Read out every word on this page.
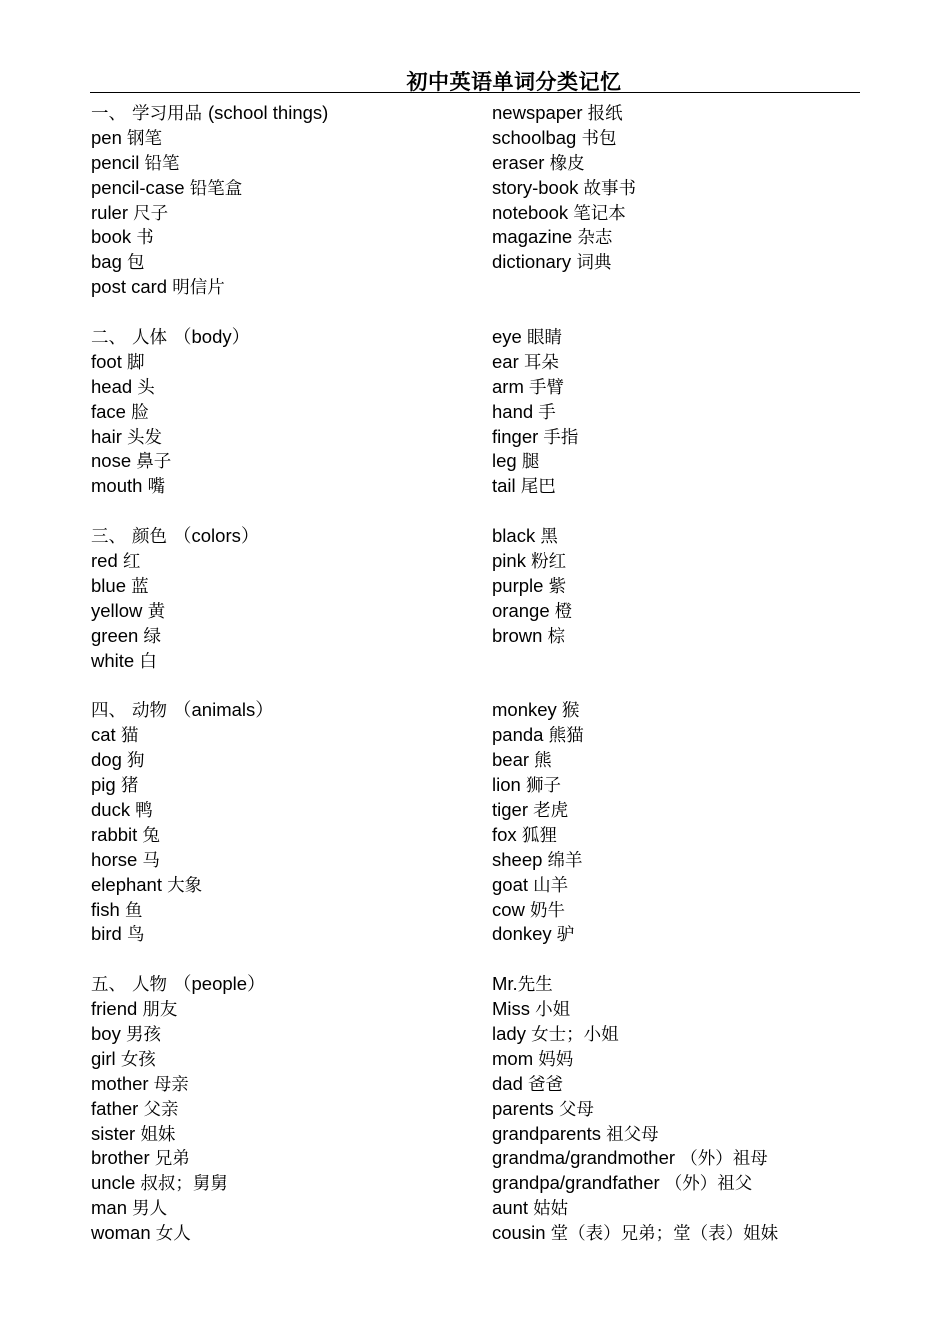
初中英语单词分类记忆
一、 学习用品 (school things)
pen 钢笔
pencil 铅笔
pencil-case 铅笔盒
ruler 尺子
book 书
bag 包
post card 明信片
二、 人体 （body）
foot 脚
head 头
face 脸
hair 头发
nose 鼻子
mouth 嘴
三、 颜色 （colors）
red 红
blue 蓝
yellow 黄
green 绿
white 白
四、 动物 （animals）
cat 猫
dog 狗
pig 猪
duck 鸭
rabbit 兔
horse 马
elephant 大象
fish 鱼
bird 鸟
五、 人物 （people）
friend 朋友
boy 男孩
girl 女孩
mother 母亲
father 父亲
sister 姐妹
brother 兄弟
uncle 叔叔；舅舅
man 男人
woman 女人
newspaper 报纸
schoolbag 书包
eraser 橡皮
story-book 故事书
notebook 笔记本
magazine 杂志
dictionary 词典
eye 眼睛
ear 耳朵
arm 手臂
hand 手
finger 手指
leg 腿
tail 尾巴
black 黑
pink 粉红
purple 紫
orange 橙
brown 棕
monkey 猴
panda 熊猫
bear 熊
lion 狮子
tiger 老虎
fox 狐狸
sheep 绵羊
goat 山羊
cow 奶牛
donkey 驴
Mr.先生
Miss 小姐
lady 女士；小姐
mom 妈妈
dad 爸爸
parents 父母
grandparents 祖父母
grandma/grandmother （外）祖母
grandpa/grandfather （外）祖父
aunt 姑姑
cousin 堂（表）兄弟；堂（表）姐妹
